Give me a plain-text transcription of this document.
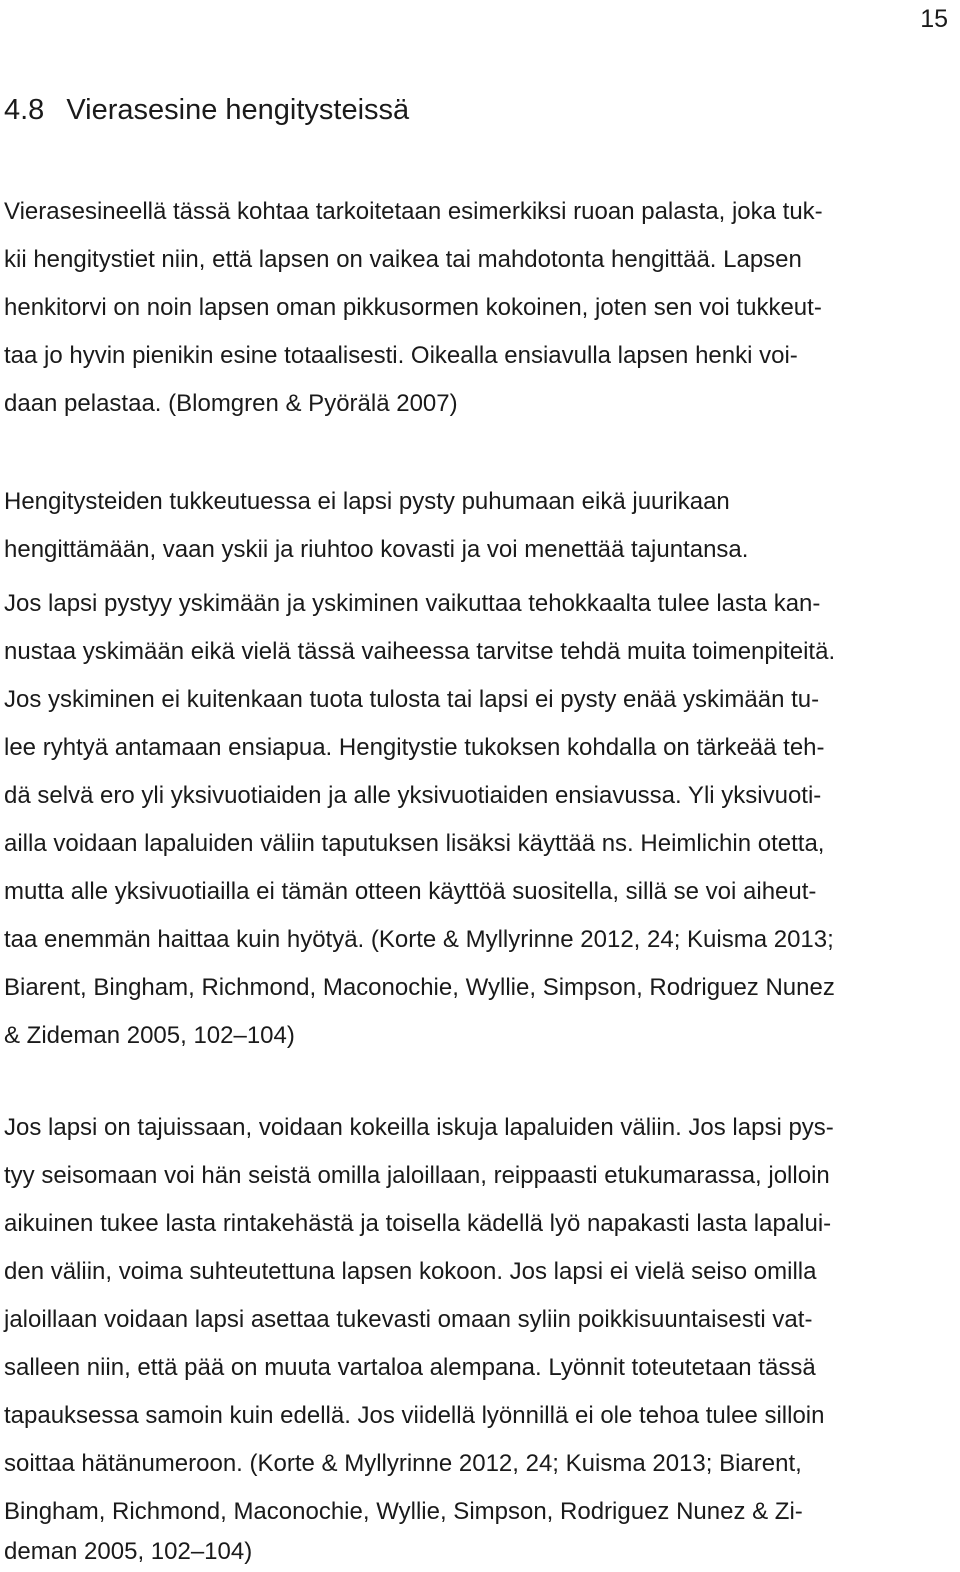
15
4.8 Vierasesine hengitysteissä
Vierasesineellä tässä kohtaa tarkoitetaan esimerkiksi ruoan palasta, joka tuk-
kii hengitystiet niin, että lapsen on vaikea tai mahdotonta hengittää. Lapsen
henkitorvi on noin lapsen oman pikkusormen kokoinen, joten sen voi tukkeut-
taa jo hyvin pienikin esine totaalisesti. Oikealla ensiavulla lapsen henki voi-
daan pelastaa. (Blomgren & Pyörälä 2007)
Hengitysteiden tukkeutuessa ei lapsi pysty puhumaan eikä juurikaan
hengittämään, vaan yskii ja riuhtoo kovasti ja voi menettää tajuntansa.
Jos lapsi pystyy yskimään ja yskiminen vaikuttaa tehokkaalta tulee lasta kan-
nustaa yskimään eikä vielä tässä vaiheessa tarvitse tehdä muita toimenpiteitä.
Jos yskiminen ei kuitenkaan tuota tulosta tai lapsi ei pysty enää yskimään tu-
lee ryhtyä antamaan ensiapua. Hengitystie tukoksen kohdalla on tärkeää teh-
dä selvä ero yli yksivuotiaiden ja alle yksivuotiaiden ensiavussa. Yli yksivuoti-
ailla voidaan lapaluiden väliin taputuksen lisäksi käyttää ns. Heimlichin otetta,
mutta alle yksivuotiailla ei tämän otteen käyttöä suositella, sillä se voi aiheut-
taa enemmän haittaa kuin hyötyä. (Korte & Myllyrinne 2012, 24; Kuisma 2013;
Biarent, Bingham, Richmond, Maconochie, Wyllie, Simpson, Rodriguez Nunez
& Zideman 2005, 102–104)
Jos lapsi on tajuissaan, voidaan kokeilla iskuja lapaluiden väliin. Jos lapsi pys-
tyy seisomaan voi hän seistä omilla jaloillaan, reippaasti etukumarassa, jolloin
aikuinen tukee lasta rintakehästä ja toisella kädellä lyö napakasti lasta lapalui-
den väliin, voima suhteutettuna lapsen kokoon. Jos lapsi ei vielä seiso omilla
jaloillaan voidaan lapsi asettaa tukevasti omaan syliin poikkisuuntaisesti vat-
salleen niin, että pää on muuta vartaloa alempana. Lyönnit toteutetaan tässä
tapauksessa samoin kuin edellä. Jos viidellä lyönnillä ei ole tehoa tulee silloin
soittaa hätänumeroon. (Korte & Myllyrinne 2012, 24; Kuisma 2013; Biarent,
Bingham, Richmond, Maconochie, Wyllie, Simpson, Rodriguez Nunez & Zi-
deman 2005, 102–104)
